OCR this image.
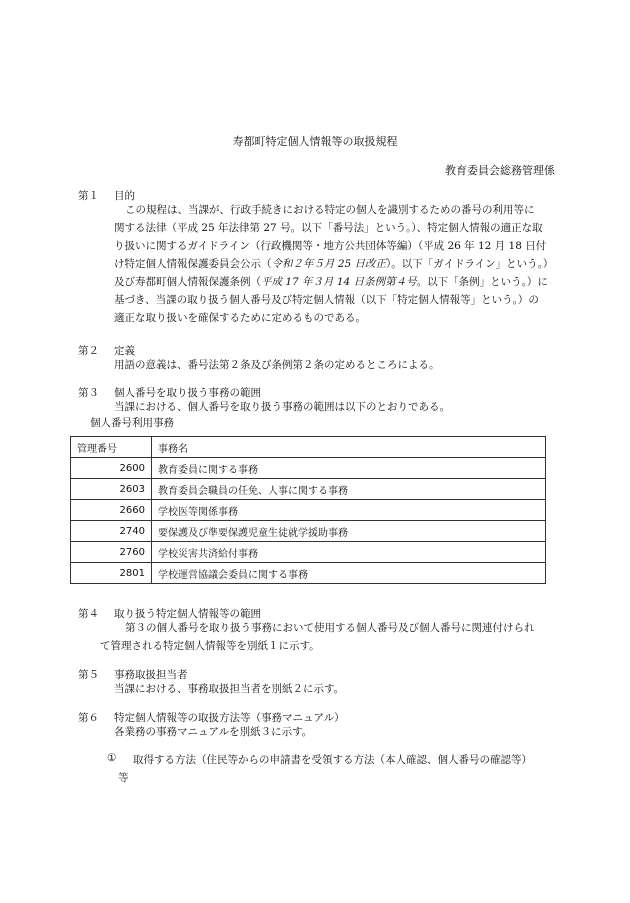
寿都町特定個人情報等の取扱規程
教育委員会総務管理係
第１ 目的
この規程は、当課が、行政手続きにおける特定の個人を識別するための番号の利用等に
関する法律（平成 25 年法律第 27 号。以下「番号法」という。）、特定個人情報の適正な取
り扱いに関するガイドライン（行政機関等・地方公共団体等編）（平成 26 年 12 月 18 日付
け特定個人情報保護委員会公示（令和２年５月 25 日改正）。以下「ガイドライン」という。）
及び寿都町個人情報保護条例（平成 17 年３月 14 日条例第４号。以下「条例」という。）に
基づき、当課の取り扱う個人番号及び特定個人情報（以下「特定個人情報等」という。）の
適正な取り扱いを確保するために定めるものである。
第２ 定義
用語の意義は、番号法第２条及び条例第２条の定めるところによる。
第３ 個人番号を取り扱う事務の範囲
当課における、個人番号を取り扱う事務の範囲は以下のとおりである。
個人番号利用事務
管理番号	事務名
2600	教育委員に関する事務
2603	教育委員会職員の任免、人事に関する事務
2660	学校医等関係事務
2740	要保護及び準要保護児童生徒就学援助事務
2760	学校災害共済給付事務
2801	学校運営協議会委員に関する事務
第４ 取り扱う特定個人情報等の範囲
第３の個人番号を取り扱う事務において使用する個人番号及び個人番号に関連付けられ
て管理される特定個人情報等を別紙１に示す。
第５ 事務取扱担当者
当課における、事務取扱担当者を別紙２に示す。
第６ 特定個人情報等の取扱方法等（事務マニュアル）
各業務の事務マニュアルを別紙３に示す。
① 取得する方法（住民等からの申請書を受領する方法（本人確認、個人番号の確認等）
等
